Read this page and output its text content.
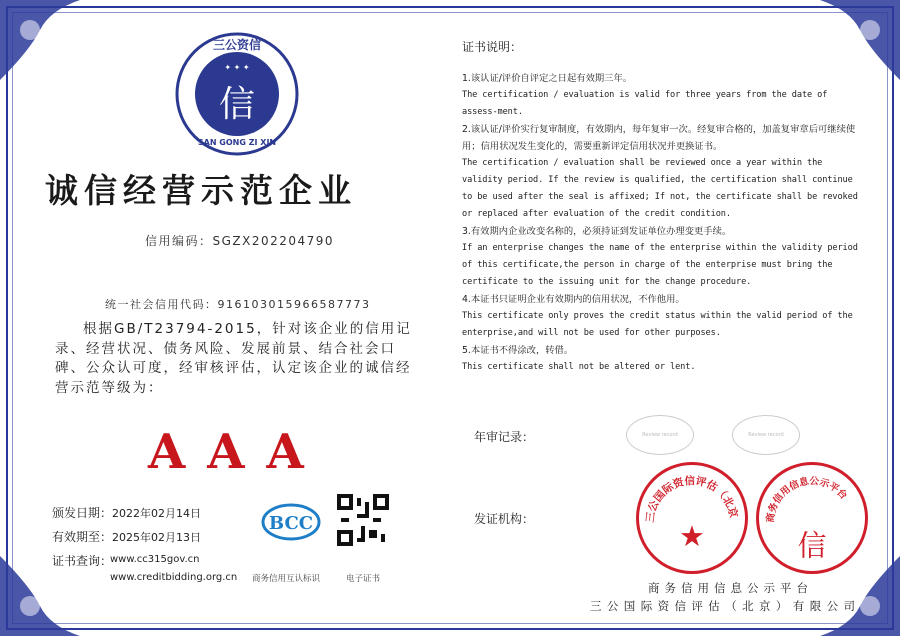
三公资信
SAN GONG ZI XIN
信
✦ ✦ ✦
诚信经营示范企业
信用编码：SGZX202204790
统一社会信用代码：916103015966587773
根据GB/T23794-2015，针对该企业的信用记录、经营状况、债务风险、发展前景、结合社会口碑、公众认可度，经审核评估，认定该企业的诚信经营示范等级为：
AAA
颁发日期：2022年02月14日
有效期至：2025年02月13日
证书查询：
www.cc315gov.cn
www.creditbidding.org.cn
BCC
商务信用互认标识	电子证书
证书说明：
1.该认证/评价自评定之日起有效期三年。
The certification / evaluation is valid for three years from the date of assess-ment.
2.该认证/评价实行复审制度，有效期内，每年复审一次。经复审合格的，加盖复审章后可继续使用；信用状况发生变化的，需要重新评定信用状况并更换证书。
The certification / evaluation shall be reviewed once a year within the validity period. If the review is qualified, the certification shall continue to be used after the seal is affixed; If not, the certificate shall be revoked or replaced after evaluation of the credit condition.
3.有效期内企业改变名称的，必须持证到发证单位办理变更手续。
If an enterprise changes the name of the enterprise within the validity period of this certificate,the person in charge of the enterprise must bring the certificate to the issuing unit for the change procedure.
4.本证书只证明企业有效期内的信用状况，不作他用。
This certificate only proves the credit status within the valid period of the enterprise,and will not be used for other purposes.
5.本证书不得涂改，转借。
This certificate shall not be altered or lent.
年审记录：	Review record	Review record
发证机构：	三公国际资信评估（北京
★
商务信用信息公示平台
信
商务信用信息公示平台
三公国际资信评估（北京）有限公司
